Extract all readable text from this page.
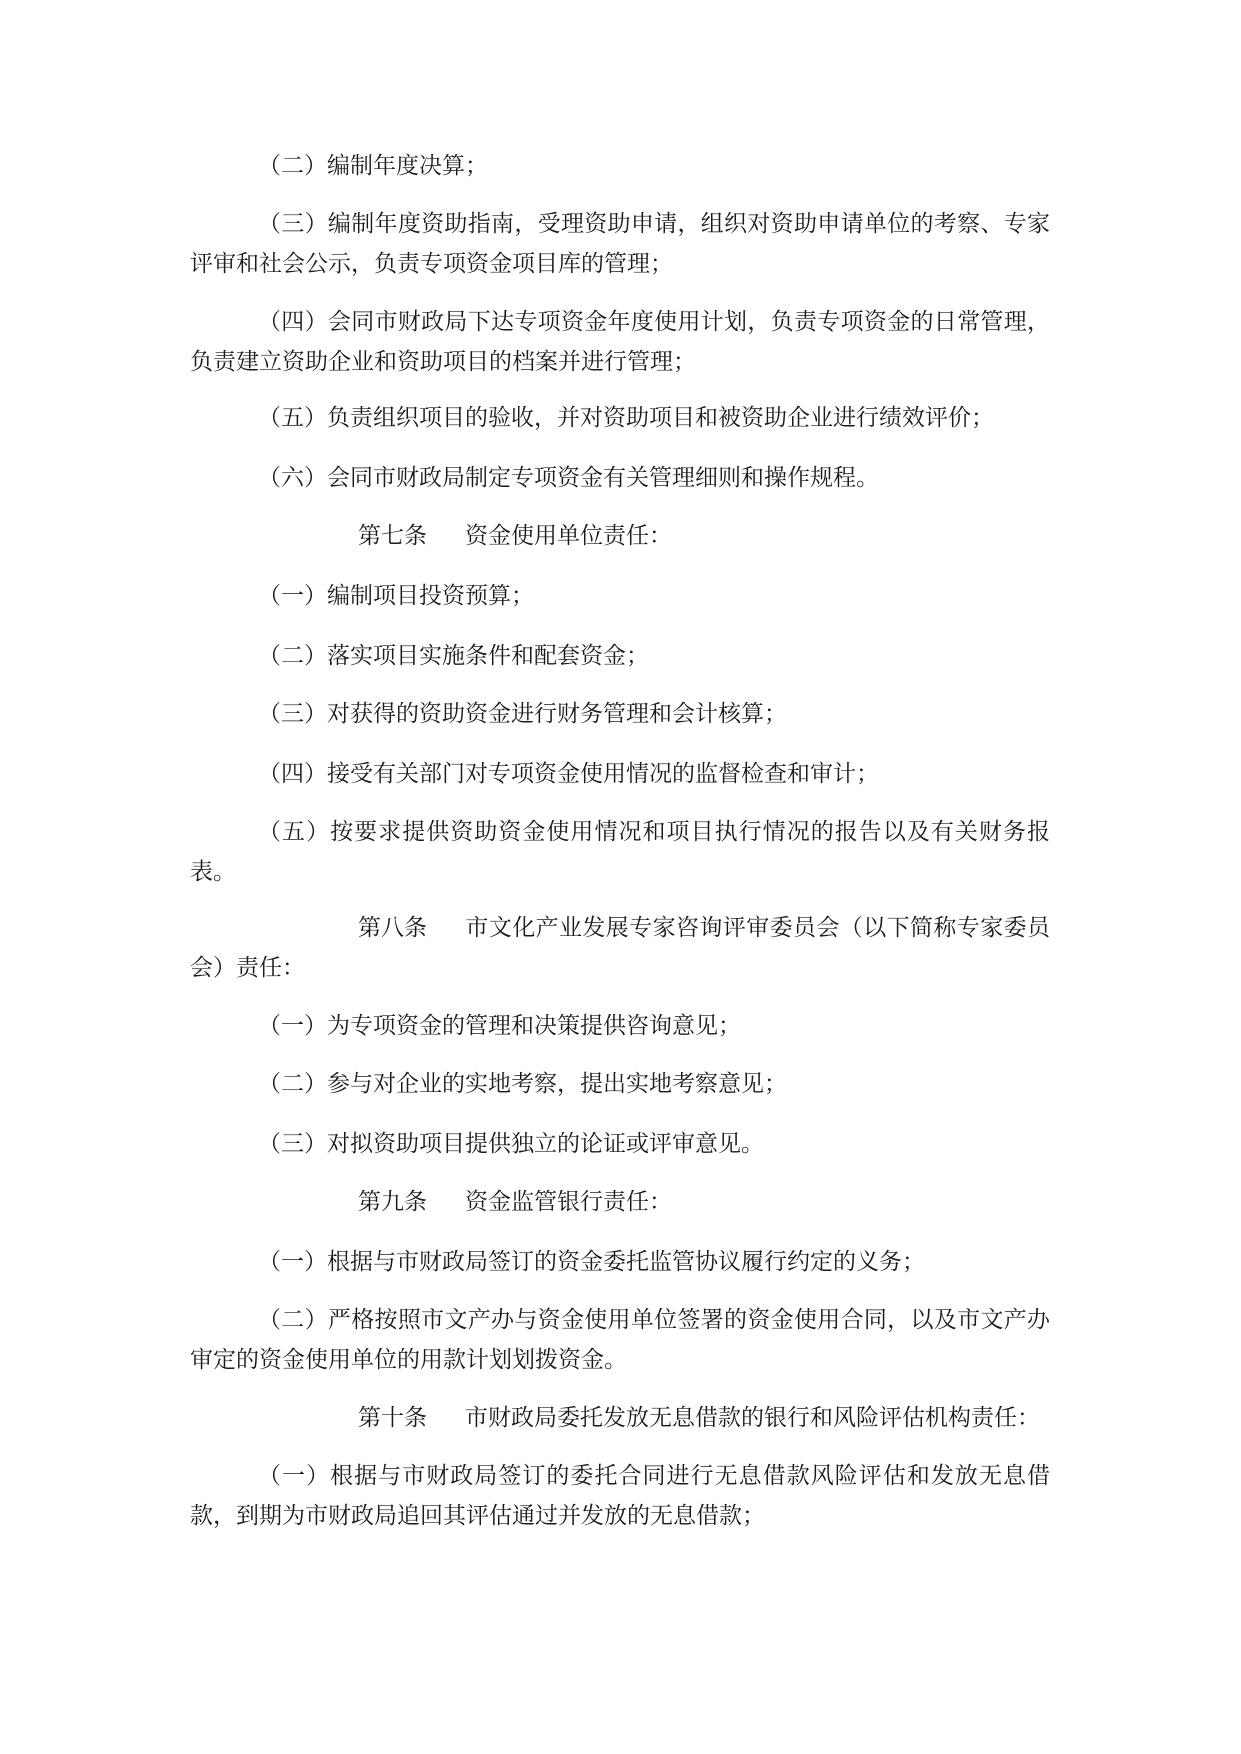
（二）编制年度决算；

（三）编制年度资助指南，受理资助申请，组织对资助申请单位的考察、专家评审和社会公示，负责专项资金项目库的管理；

（四）会同市财政局下达专项资金年度使用计划，负责专项资金的日常管理，负责建立资助企业和资助项目的档案并进行管理；

（五）负责组织项目的验收，并对资助项目和被资助企业进行绩效评价；

（六）会同市财政局制定专项资金有关管理细则和操作规程。

第七条 资金使用单位责任：

（一）编制项目投资预算；

（二）落实项目实施条件和配套资金；

（三）对获得的资助资金进行财务管理和会计核算；

（四）接受有关部门对专项资金使用情况的监督检查和审计；

（五）按要求提供资助资金使用情况和项目执行情况的报告以及有关财务报表。

第八条 市文化产业发展专家咨询评审委员会（以下简称专家委员会）责任：

（一）为专项资金的管理和决策提供咨询意见；

（二）参与对企业的实地考察，提出实地考察意见；

（三）对拟资助项目提供独立的论证或评审意见。

第九条 资金监管银行责任：

（一）根据与市财政局签订的资金委托监管协议履行约定的义务；

（二）严格按照市文产办与资金使用单位签署的资金使用合同，以及市文产办审定的资金使用单位的用款计划划拨资金。

第十条 市财政局委托发放无息借款的银行和风险评估机构责任：

（一）根据与市财政局签订的委托合同进行无息借款风险评估和发放无息借款，到期为市财政局追回其评估通过并发放的无息借款；
